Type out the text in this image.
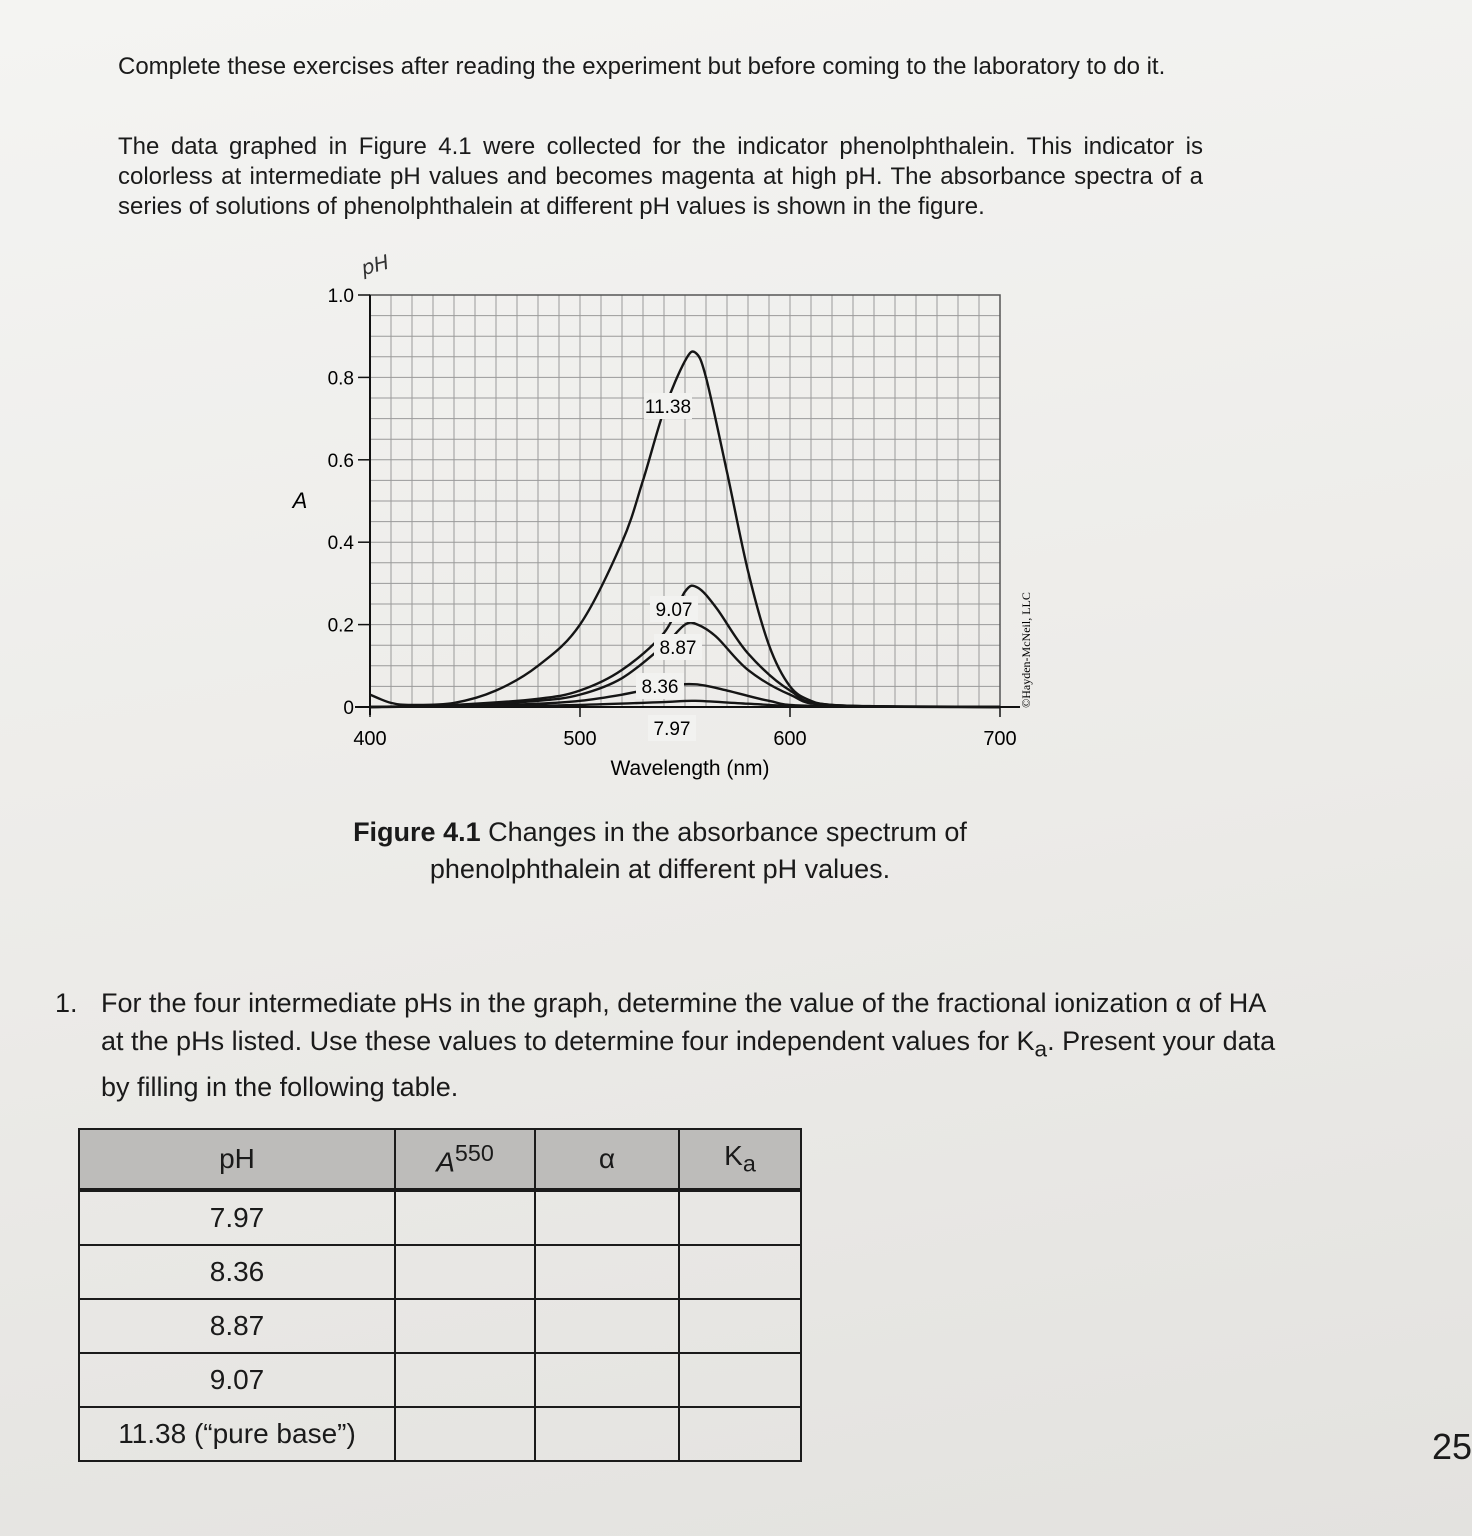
Complete these exercises after reading the experiment but before coming to the laboratory to do it.

The data graphed in Figure 4.1 were collected for the indicator phenolphthalein. This indicator is colorless at intermediate pH values and becomes magenta at high pH. The absorbance spectra of a series of solutions of phenolphthalein at different pH values is shown in the figure.

0
0.2
0.4
0.6
0.8
1.0
400	500	600	700
11.38
9.07
8.87
8.36
7.97
Wavelength (nm)
A
pH
©Hayden-McNeil, LLC
Figure 4.1 Changes in the absorbance spectrum of phenolphthalein at different pH values.
1. For the four intermediate pHs in the graph, determine the value of the fractional ionization α of HA at the pHs listed. Use these values to determine four independent values for $K_a$. Present your data by filling in the following table.
pH	$A^{550}$	α	$K_a$
7.97			
8.36			
8.87			
9.07			
11.38 (“pure base”)				25
